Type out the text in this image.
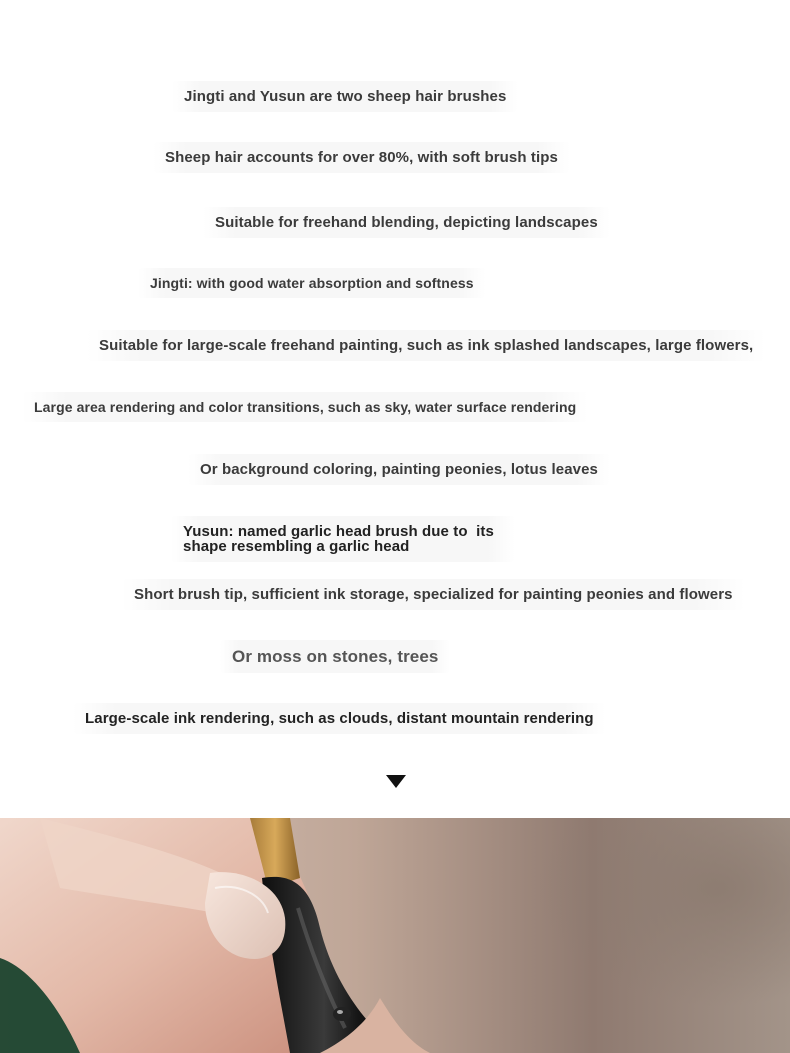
Jingti and Yusun are two sheep hair brushes
Sheep hair accounts for over 80%, with soft brush tips
Suitable for freehand blending, depicting landscapes
Jingti: with good water absorption and softness
Suitable for large-scale freehand painting, such as ink splashed landscapes, large flowers,
Large area rendering and color transitions, such as sky, water surface rendering
Or background coloring, painting peonies, lotus leaves
Yusun: named garlic head brush due to  its shape resembling a garlic head
Short brush tip, sufficient ink storage, specialized for painting peonies and flowers
Or moss on stones, trees
Large-scale ink rendering, such as clouds, distant mountain rendering
